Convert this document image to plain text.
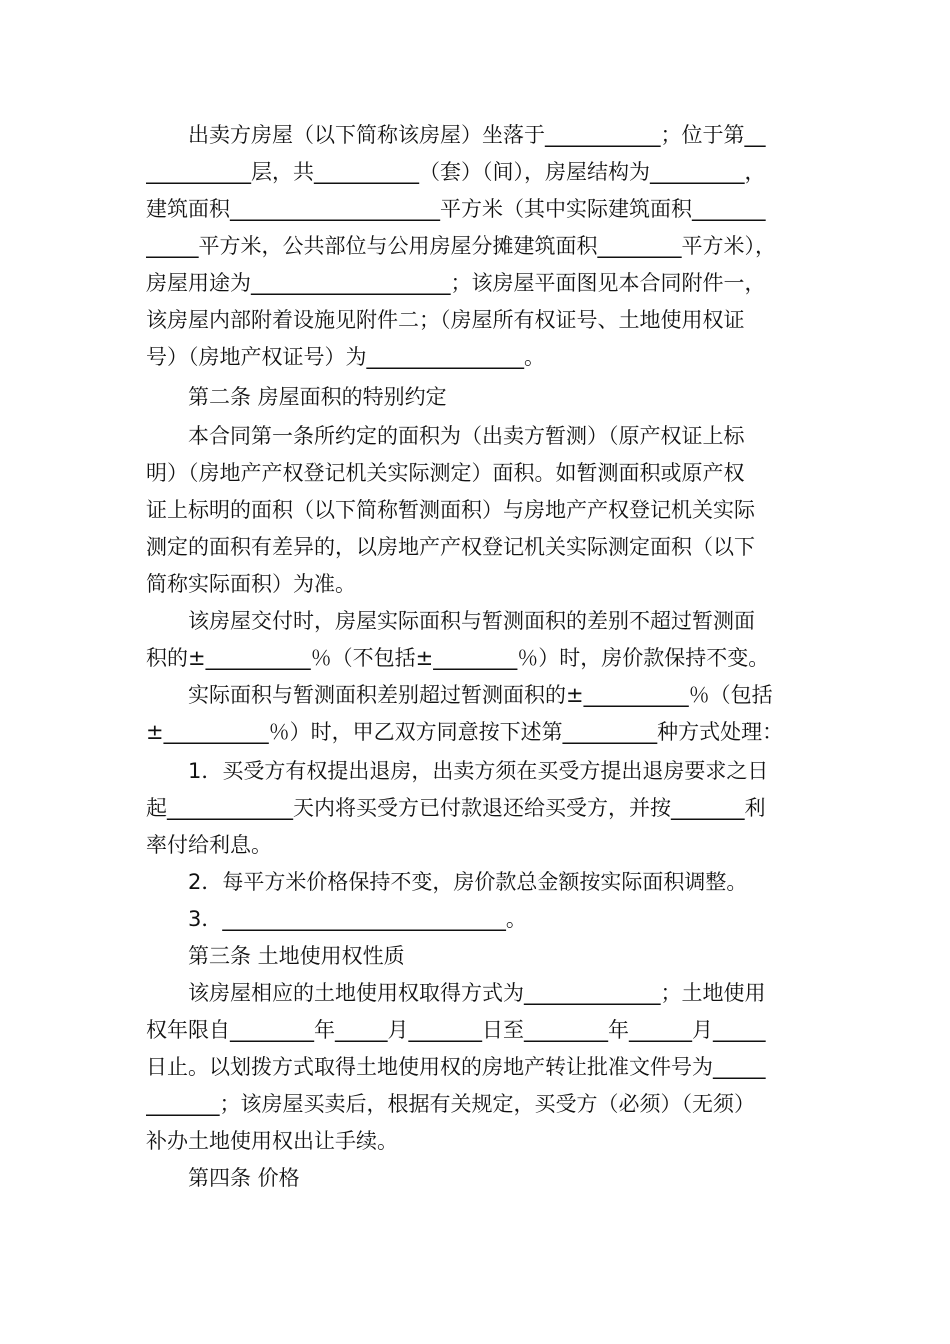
　　出卖方房屋（以下简称该房屋）坐落于___________；位于第__
__________层，共__________（套）（间），房屋结构为_________，
建筑面积____________________平方米（其中实际建筑面积_______
_____平方米，公共部位与公用房屋分摊建筑面积________平方米），
房屋用途为___________________；该房屋平面图见本合同附件一，
该房屋内部附着设施见附件二；（房屋所有权证号、土地使用权证
号）（房地产权证号）为_______________。
　　第二条 房屋面积的特别约定
　　本合同第一条所约定的面积为（出卖方暂测）（原产权证上标
明）（房地产产权登记机关实际测定）面积。如暂测面积或原产权
证上标明的面积（以下简称暂测面积）与房地产产权登记机关实际
测定的面积有差异的，以房地产产权登记机关实际测定面积（以下
简称实际面积）为准。
　　该房屋交付时，房屋实际面积与暂测面积的差别不超过暂测面
积的±__________％（不包括±________％）时，房价款保持不变。
　　实际面积与暂测面积差别超过暂测面积的±__________％（包括
±__________％）时，甲乙双方同意按下述第_________种方式处理：
　　1．买受方有权提出退房，出卖方须在买受方提出退房要求之日
起____________天内将买受方已付款退还给买受方，并按_______利
率付给利息。
　　2．每平方米价格保持不变，房价款总金额按实际面积调整。
　　3．___________________________。
　　第三条 土地使用权性质
　　该房屋相应的土地使用权取得方式为_____________；土地使用
权年限自________年_____月_______日至________年______月_____
日止。以划拨方式取得土地使用权的房地产转让批准文件号为_____
_______；该房屋买卖后，根据有关规定，买受方（必须）（无须）
补办土地使用权出让手续。
　　第四条 价格
